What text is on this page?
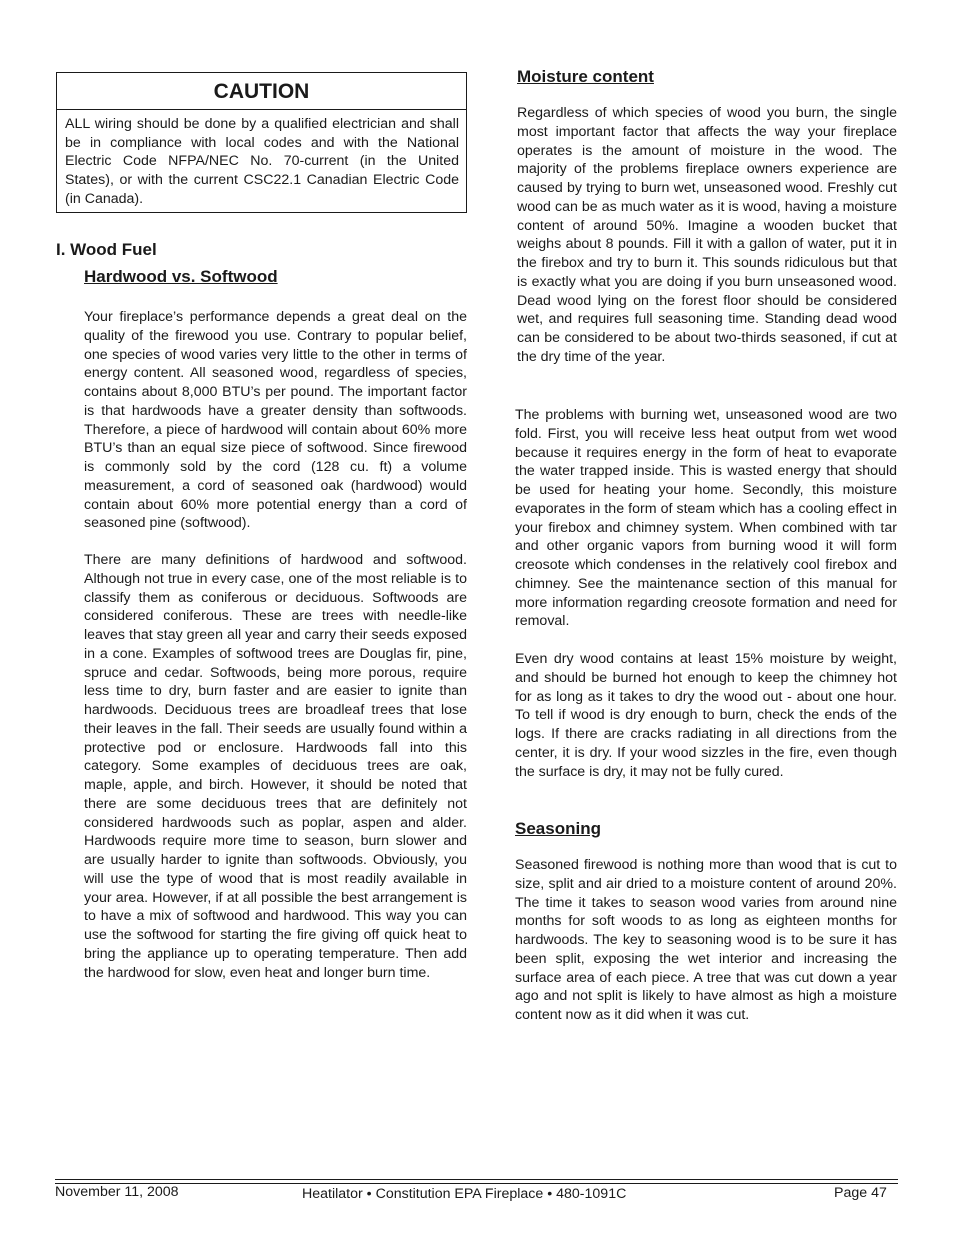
CAUTION
ALL wiring should be done by a qualified electrician and shall be in compliance with local codes and with the National Electric Code NFPA/NEC No. 70-current (in the United States), or with the current CSC22.1 Canadian Electric Code (in Canada).
I. Wood Fuel
Hardwood vs. Softwood

Your fireplace’s performance depends a great deal on the quality of the firewood you use. Contrary to popular belief, one species of wood varies very little to the other in terms of energy content. All seasoned wood, regardless of species, contains about 8,000 BTU’s per pound. The important factor is that hardwoods have a greater density than softwoods. Therefore, a piece of hardwood will contain about 60% more BTU’s than an equal size piece of softwood. Since firewood is commonly sold by the cord (128 cu. ft) a volume measurement, a cord of seasoned oak (hardwood) would contain about 60% more potential energy than a cord of seasoned pine (softwood).

There are many definitions of hardwood and softwood. Although not true in every case, one of the most reliable is to classify them as coniferous or deciduous. Softwoods are considered coniferous. These are trees with needle-like leaves that stay green all year and carry their seeds exposed in a cone. Examples of softwood trees are Douglas fir, pine, spruce and cedar. Softwoods, being more porous, require less time to dry, burn faster and are easier to ignite than hardwoods. Deciduous trees are broadleaf trees that lose their leaves in the fall. Their seeds are usually found within a protective pod or enclosure. Hardwoods fall into this category. Some examples of deciduous trees are oak, maple, apple, and birch. However, it should be noted that there are some deciduous trees that are definitely not considered hardwoods such as poplar, aspen and alder. Hardwoods require more time to season, burn slower and are usually harder to ignite than softwoods. Obviously, you will use the type of wood that is most readily available in your area. However, if at all possible the best arrangement is to have a mix of softwood and hardwood. This way you can use the softwood for starting the fire giving off quick heat to bring the appliance up to operating temperature. Then add the hardwood for slow, even heat and longer burn time.

Moisture content

Regardless of which species of wood you burn, the single most important factor that affects the way your fireplace operates is the amount of moisture in the wood. The majority of the problems fireplace owners experience are caused by trying to burn wet, unseasoned wood. Freshly cut wood can be as much water as it is wood, having a moisture content of around 50%. Imagine a wooden bucket that weighs about 8 pounds. Fill it with a gallon of water, put it in the firebox and try to burn it. This sounds ridiculous but that is exactly what you are doing if you burn unseasoned wood. Dead wood lying on the forest floor should be considered wet, and requires full seasoning time. Standing dead wood can be considered to be about two-thirds seasoned, if cut at the dry time of the year.

The problems with burning wet, unseasoned wood are two fold. First, you will receive less heat output from wet wood because it requires energy in the form of heat to evaporate the water trapped inside. This is wasted energy that should be used for heating your home. Secondly, this moisture evaporates in the form of steam which has a cooling effect in your firebox and chimney system. When combined with tar and other organic vapors from burning wood it will form creosote which condenses in the relatively cool firebox and chimney. See the maintenance section of this manual for more information regarding creosote formation and need for removal.

Even dry wood contains at least 15% moisture by weight, and should be burned hot enough to keep the chimney hot for as long as it takes to dry the wood out - about one hour. To tell if wood is dry enough to burn, check the ends of the logs. If there are cracks radiating in all directions from the center, it is dry. If your wood sizzles in the fire, even though the surface is dry, it may not be fully cured.

Seasoning

Seasoned firewood is nothing more than wood that is cut to size, split and air dried to a moisture content of around 20%. The time it takes to season wood varies from around nine months for soft woods to as long as eighteen months for hardwoods. The key to seasoning wood is to be sure it has been split, exposing the wet interior and increasing the surface area of each piece. A tree that was cut down a year ago and not split is likely to have almost as high a moisture content now as it did when it was cut.

November 11, 2008	Heatilator • Constitution EPA Fireplace • 480-1091C	Page 47
